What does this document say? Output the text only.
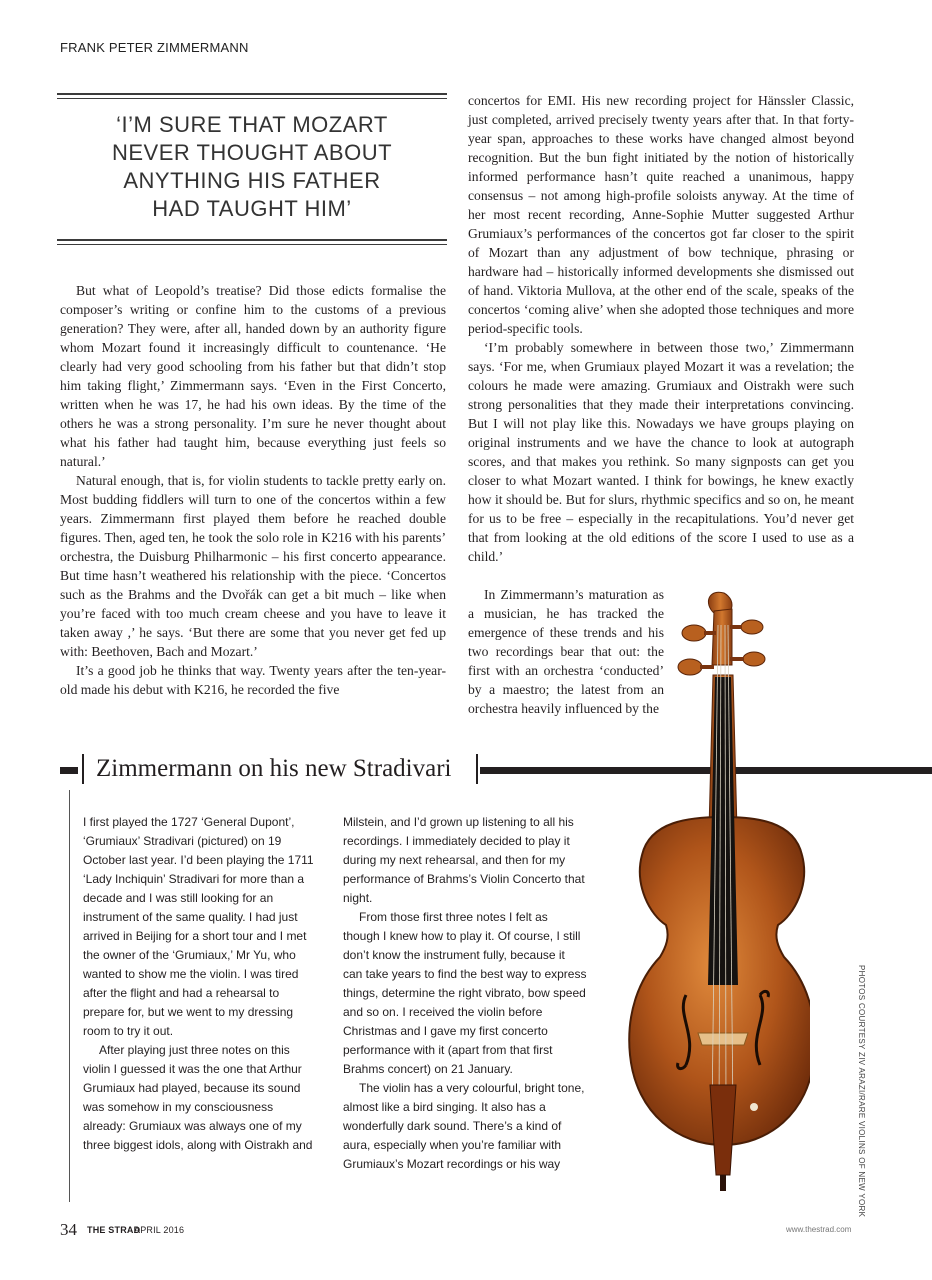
FRANK PETER ZIMMERMANN
‘I’M SURE THAT MOZART
NEVER THOUGHT ABOUT
ANYTHING HIS FATHER
HAD TAUGHT HIM’

But what of Leopold’s treatise? Did those edicts formalise the composer’s writing or confine him to the customs of a previous generation? They were, after all, handed down by an authority figure whom Mozart found it increasingly difficult to countenance. ‘He clearly had very good schooling from his father but that didn’t stop him taking flight,’ Zimmermann says. ‘Even in the First Concerto, written when he was 17, he had his own ideas. By the time of the others he was a strong personality. I’m sure he never thought about what his father had taught him, because everything just feels so natural.’

Natural enough, that is, for violin students to tackle pretty early on. Most budding fiddlers will turn to one of the concertos within a few years. Zimmermann first played them before he reached double figures. Then, aged ten, he took the solo role in K216 with his parents’ orchestra, the Duisburg Philharmonic – his first concerto appearance. But time hasn’t weathered his relationship with the piece. ‘Concertos such as the Brahms and the Dvořák can get a bit much – like when you’re faced with too much cream cheese and you have to leave it taken away ,’ he says. ‘But there are some that you never get fed up with: Beethoven, Bach and Mozart.’

It’s a good job he thinks that way. Twenty years after the ten-year-old made his debut with K216, he recorded the five

concertos for EMI. His new recording project for Hänssler Classic, just completed, arrived precisely twenty years after that. In that forty-year span, approaches to these works have changed almost beyond recognition. But the bun fight initiated by the notion of historically informed performance hasn’t quite reached a unanimous, happy consensus – not among high-profile soloists anyway. At the time of her most recent recording, Anne-Sophie Mutter suggested Arthur Grumiaux’s performances of the concertos got far closer to the spirit of Mozart than any adjustment of bow technique, phrasing or hardware had – historically informed developments she dismissed out of hand. Viktoria Mullova, at the other end of the scale, speaks of the concertos ‘coming alive’ when she adopted those techniques and more period-specific tools.

‘I’m probably somewhere in between those two,’ Zimmermann says. ‘For me, when Grumiaux played Mozart it was a revelation; the colours he made were amazing. Grumiaux and Oistrakh were such strong personalities that they made their interpretations convincing. But I will not play like this. Nowadays we have groups playing on original instruments and we have the chance to look at autograph scores, and that makes you rethink. So many signposts can get you closer to what Mozart wanted. I think for bowings, he knew exactly how it should be. But for slurs, rhythmic specifics and so on, he meant for us to be free – especially in the recapitulations. You’d never get that from looking at the old editions of the score I used to use as a child.’

In Zimmermann’s maturation as a musician, he has tracked the emergence of these trends and his two recordings bear that out: the first with an orchestra ‘conducted’ by a maestro; the latest from an orchestra heavily influenced by the

Zimmermann on his new Stradivari

I first played the 1727 ‘General Dupont’, ‘Grumiaux’ Stradivari (pictured) on 19 October last year. I’d been playing the 1711 ‘Lady Inchiquin’ Stradivari for more than a decade and I was still looking for an instrument of the same quality. I had just arrived in Beijing for a short tour and I met the owner of the ‘Grumiaux,’ Mr Yu, who wanted to show me the violin. I was tired after the flight and had a rehearsal to prepare for, but we went to my dressing room to try it out.

After playing just three notes on this violin I guessed it was the one that Arthur Grumiaux had played, because its sound was somehow in my consciousness already: Grumiaux was always one of my three biggest idols, along with Oistrakh and

Milstein, and I’d grown up listening to all his recordings. I immediately decided to play it during my next rehearsal, and then for my performance of Brahms’s Violin Concerto that night.

From those first three notes I felt as though I knew how to play it. Of course, I still don’t know the instrument fully, because it can take years to find the best way to express things, determine the right vibrato, bow speed and so on. I received the violin before Christmas and I gave my first concerto performance with it (apart from that first Brahms concert) on 21 January.

The violin has a very colourful, bright tone, almost like a bird singing. It also has a wonderfully dark sound. There’s a kind of aura, especially when you’re familiar with Grumiaux’s Mozart recordings or his way	PHOTOS COURTESY ZIV ARAZI/RARE VIOLINS OF NEW YORK
34 THE STRAD
APRIL 2016	www.thestrad.com
